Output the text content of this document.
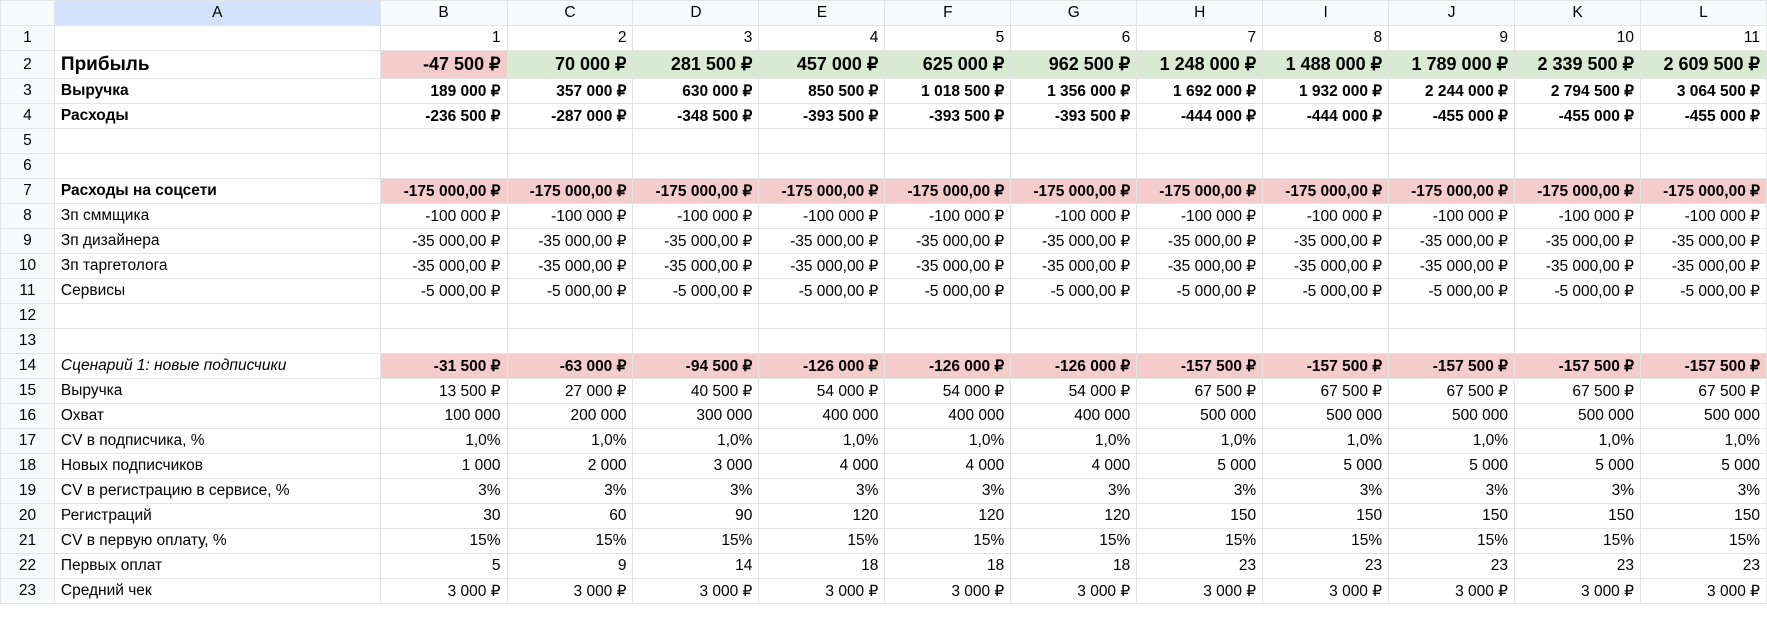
	A	B	C	D	E	F	G	H	I	J	K	L
1		1	2	3	4	5	6	7	8	9	10	11
2	Прибыль	-47 500 ₽	70 000 ₽	281 500 ₽	457 000 ₽	625 000 ₽	962 500 ₽	1 248 000 ₽	1 488 000 ₽	1 789 000 ₽	2 339 500 ₽	2 609 500 ₽
3	Выручка	189 000 ₽	357 000 ₽	630 000 ₽	850 500 ₽	1 018 500 ₽	1 356 000 ₽	1 692 000 ₽	1 932 000 ₽	2 244 000 ₽	2 794 500 ₽	3 064 500 ₽
4	Расходы	-236 500 ₽	-287 000 ₽	-348 500 ₽	-393 500 ₽	-393 500 ₽	-393 500 ₽	-444 000 ₽	-444 000 ₽	-455 000 ₽	-455 000 ₽	-455 000 ₽
5												
6												
7	Расходы на соцсети	-175 000,00 ₽	-175 000,00 ₽	-175 000,00 ₽	-175 000,00 ₽	-175 000,00 ₽	-175 000,00 ₽	-175 000,00 ₽	-175 000,00 ₽	-175 000,00 ₽	-175 000,00 ₽	-175 000,00 ₽
8	Зп сммщика	-100 000 ₽	-100 000 ₽	-100 000 ₽	-100 000 ₽	-100 000 ₽	-100 000 ₽	-100 000 ₽	-100 000 ₽	-100 000 ₽	-100 000 ₽	-100 000 ₽
9	Зп дизайнера	-35 000,00 ₽	-35 000,00 ₽	-35 000,00 ₽	-35 000,00 ₽	-35 000,00 ₽	-35 000,00 ₽	-35 000,00 ₽	-35 000,00 ₽	-35 000,00 ₽	-35 000,00 ₽	-35 000,00 ₽
10	Зп таргетолога	-35 000,00 ₽	-35 000,00 ₽	-35 000,00 ₽	-35 000,00 ₽	-35 000,00 ₽	-35 000,00 ₽	-35 000,00 ₽	-35 000,00 ₽	-35 000,00 ₽	-35 000,00 ₽	-35 000,00 ₽
11	Сервисы	-5 000,00 ₽	-5 000,00 ₽	-5 000,00 ₽	-5 000,00 ₽	-5 000,00 ₽	-5 000,00 ₽	-5 000,00 ₽	-5 000,00 ₽	-5 000,00 ₽	-5 000,00 ₽	-5 000,00 ₽
12												
13												
14	Сценарий 1: новые подписчики	-31 500 ₽	-63 000 ₽	-94 500 ₽	-126 000 ₽	-126 000 ₽	-126 000 ₽	-157 500 ₽	-157 500 ₽	-157 500 ₽	-157 500 ₽	-157 500 ₽
15	Выручка	13 500 ₽	27 000 ₽	40 500 ₽	54 000 ₽	54 000 ₽	54 000 ₽	67 500 ₽	67 500 ₽	67 500 ₽	67 500 ₽	67 500 ₽
16	Охват	100 000	200 000	300 000	400 000	400 000	400 000	500 000	500 000	500 000	500 000	500 000
17	CV в подписчика, %	1,0%	1,0%	1,0%	1,0%	1,0%	1,0%	1,0%	1,0%	1,0%	1,0%	1,0%
18	Новых подписчиков	1 000	2 000	3 000	4 000	4 000	4 000	5 000	5 000	5 000	5 000	5 000
19	CV в регистрацию в сервисе, %	3%	3%	3%	3%	3%	3%	3%	3%	3%	3%	3%
20	Регистраций	30	60	90	120	120	120	150	150	150	150	150
21	CV в первую оплату, %	15%	15%	15%	15%	15%	15%	15%	15%	15%	15%	15%
22	Первых оплат	5	9	14	18	18	18	23	23	23	23	23
23	Средний чек	3 000 ₽	3 000 ₽	3 000 ₽	3 000 ₽	3 000 ₽	3 000 ₽	3 000 ₽	3 000 ₽	3 000 ₽	3 000 ₽	3 000 ₽
